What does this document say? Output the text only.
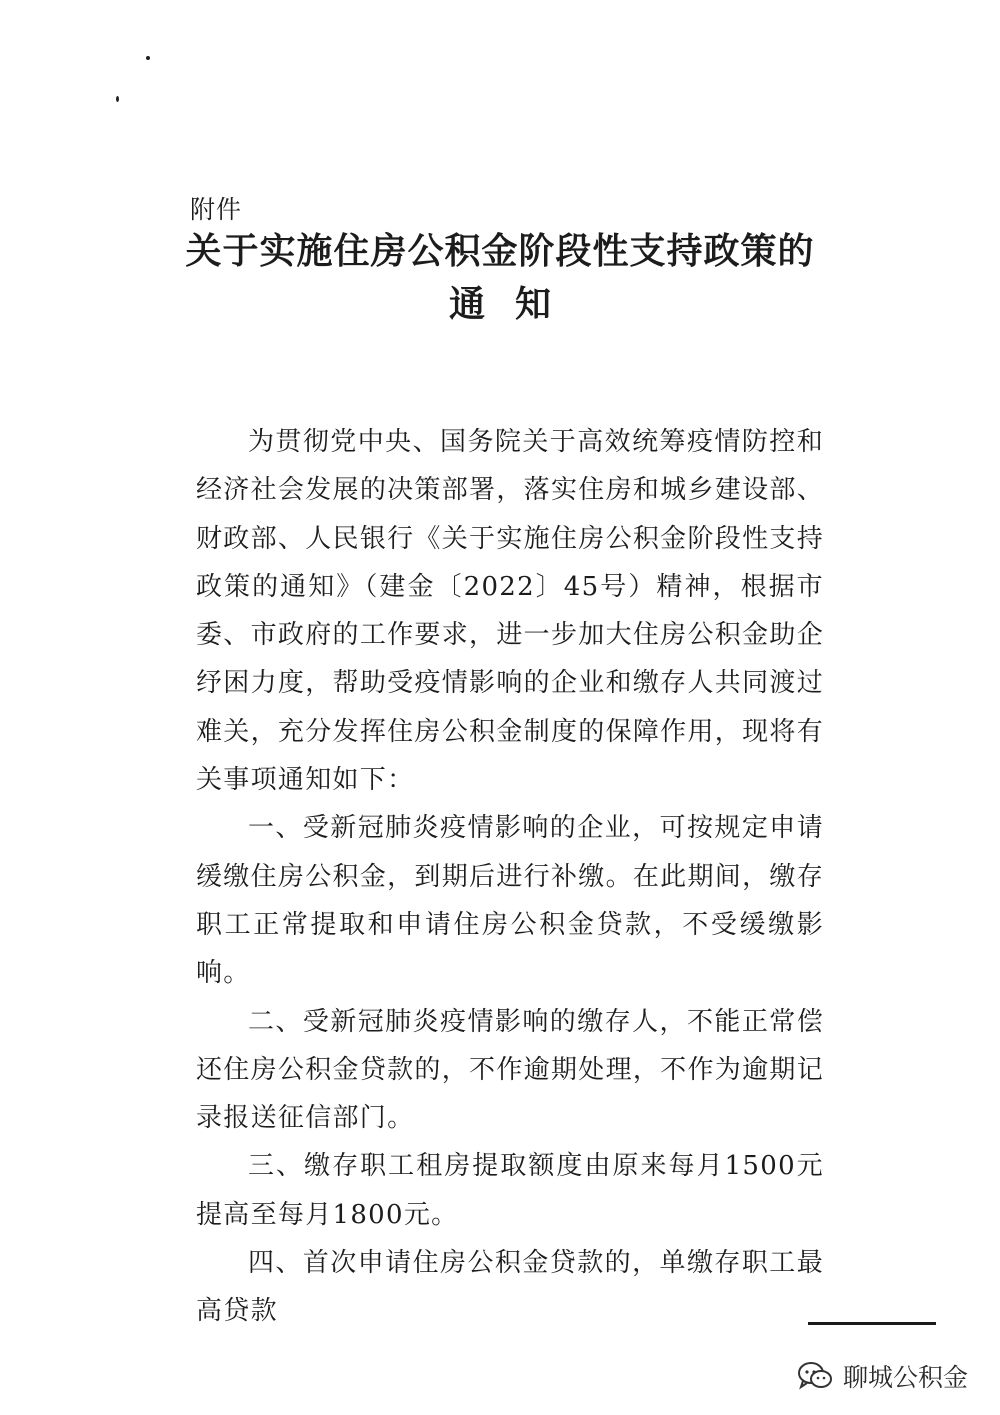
附件
关于实施住房公积金阶段性支持政策的
通知

为贯彻党中央、国务院关于高效统筹疫情防控和经济社会发展的决策部署，落实住房和城乡建设部、财政部、人民银行《关于实施住房公积金阶段性支持政策的通知》（建金〔2022〕45号）精神，根据市委、市政府的工作要求，进一步加大住房公积金助企纾困力度，帮助受疫情影响的企业和缴存人共同渡过难关，充分发挥住房公积金制度的保障作用，现将有关事项通知如下：

一、受新冠肺炎疫情影响的企业，可按规定申请缓缴住房公积金，到期后进行补缴。在此期间，缴存职工正常提取和申请住房公积金贷款，不受缓缴影响。

二、受新冠肺炎疫情影响的缴存人，不能正常偿还住房公积金贷款的，不作逾期处理，不作为逾期记录报送征信部门。

三、缴存职工租房提取额度由原来每月1500元提高至每月1800元。

四、首次申请住房公积金贷款的，单缴存职工最高贷款

聊城公积金
